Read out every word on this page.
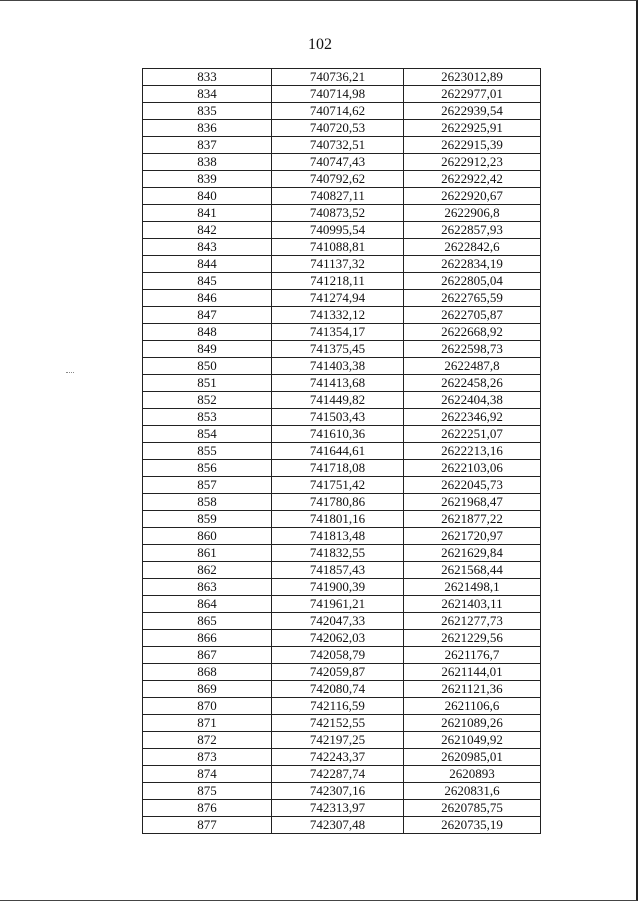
102
833	740736,21	2623012,89
834	740714,98	2622977,01
835	740714,62	2622939,54
836	740720,53	2622925,91
837	740732,51	2622915,39
838	740747,43	2622912,23
839	740792,62	2622922,42
840	740827,11	2622920,67
841	740873,52	2622906,8
842	740995,54	2622857,93
843	741088,81	2622842,6
844	741137,32	2622834,19
845	741218,11	2622805,04
846	741274,94	2622765,59
847	741332,12	2622705,87
848	741354,17	2622668,92
849	741375,45	2622598,73
850	741403,38	2622487,8
851	741413,68	2622458,26
852	741449,82	2622404,38
853	741503,43	2622346,92
854	741610,36	2622251,07
855	741644,61	2622213,16
856	741718,08	2622103,06
857	741751,42	2622045,73
858	741780,86	2621968,47
859	741801,16	2621877,22
860	741813,48	2621720,97
861	741832,55	2621629,84
862	741857,43	2621568,44
863	741900,39	2621498,1
864	741961,21	2621403,11
865	742047,33	2621277,73
866	742062,03	2621229,56
867	742058,79	2621176,7
868	742059,87	2621144,01
869	742080,74	2621121,36
870	742116,59	2621106,6
871	742152,55	2621089,26
872	742197,25	2621049,92
873	742243,37	2620985,01
874	742287,74	2620893
875	742307,16	2620831,6
876	742313,97	2620785,75
877	742307,48	2620735,19
